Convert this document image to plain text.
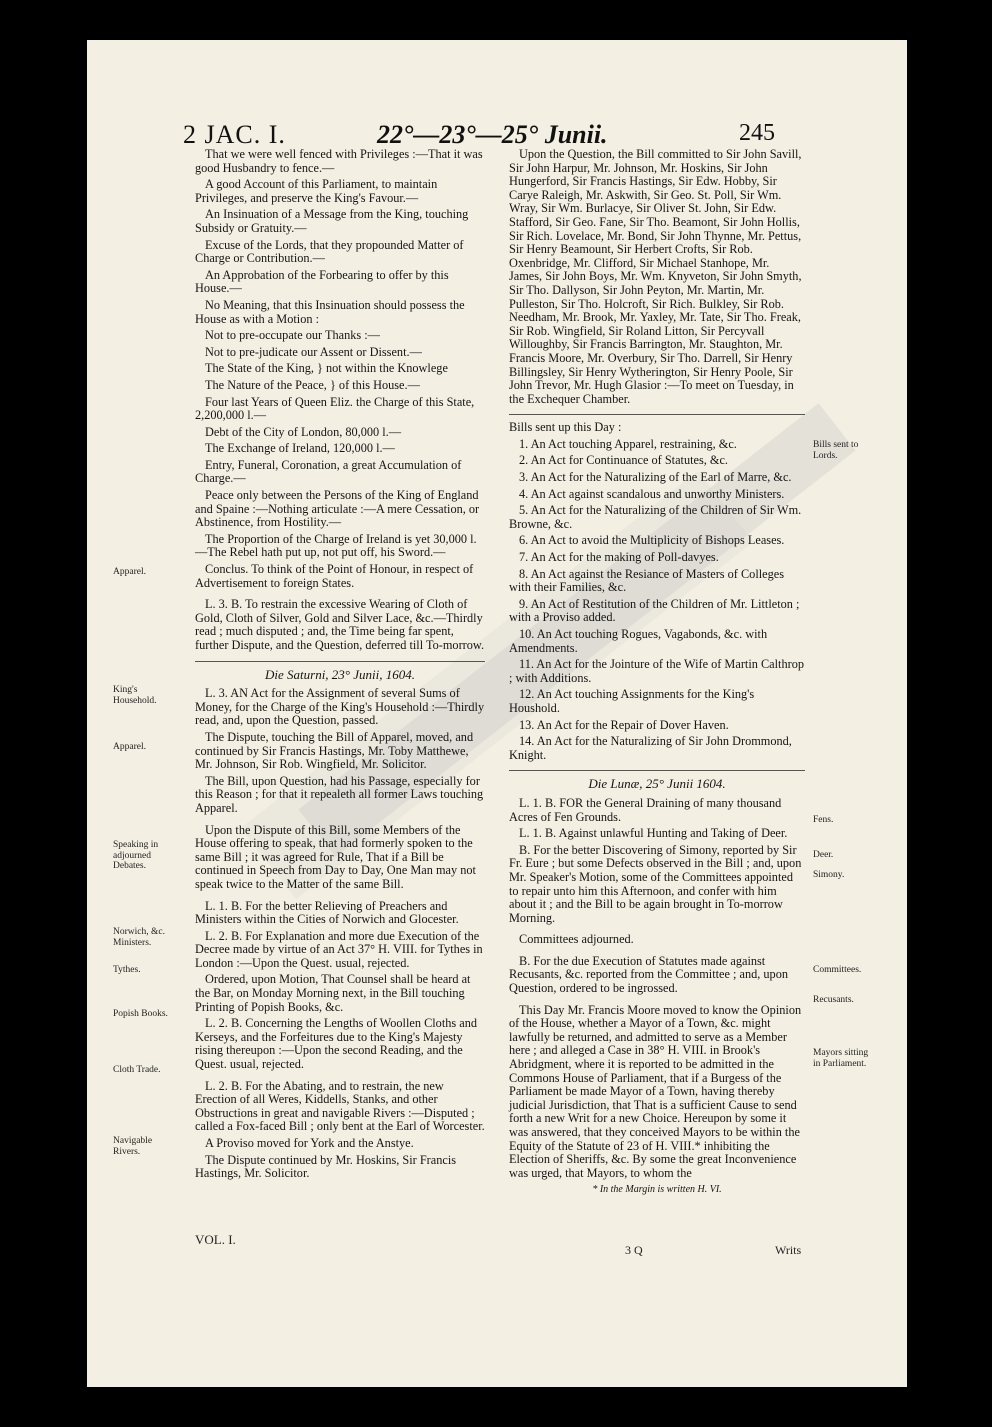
2 JAC. I.	22°—23°—25° Junii.	245

That we were well fenced with Privileges :—That it was good Husbandry to fence.—

A good Account of this Parliament, to maintain Privileges, and preserve the King's Favour.—

An Insinuation of a Message from the King, touching Subsidy or Gratuity.—

Excuse of the Lords, that they propounded Matter of Charge or Contribution.—

An Approbation of the Forbearing to offer by this House.—

No Meaning, that this Insinuation should possess the House as with a Motion :

Not to pre-occupate our Thanks :—

Not to pre-judicate our Assent or Dissent.—

The State of the King, } not within the Knowlege

The Nature of the Peace, } of this House.—

Four last Years of Queen Eliz. the Charge of this State, 2,200,000 l.—

Debt of the City of London, 80,000 l.—

The Exchange of Ireland, 120,000 l.—

Entry, Funeral, Coronation, a great Accumulation of Charge.—

Peace only between the Persons of the King of England and Spaine :—Nothing articulate :—A mere Cessation, or Abstinence, from Hostility.—

The Proportion of the Charge of Ireland is yet 30,000 l. —The Rebel hath put up, not put off, his Sword.—

Conclus. To think of the Point of Honour, in respect of Advertisement to foreign States.

L. 3. B. To restrain the excessive Wearing of Cloth of Gold, Cloth of Silver, Gold and Silver Lace, &c.—Thirdly read ; much disputed ; and, the Time being far spent, further Dispute, and the Question, deferred till To-morrow.

Die Saturni, 23° Junii, 1604.

L. 3. AN Act for the Assignment of several Sums of Money, for the Charge of the King's Household :—Thirdly read, and, upon the Question, passed.

The Dispute, touching the Bill of Apparel, moved, and continued by Sir Francis Hastings, Mr. Toby Matthewe, Mr. Johnson, Sir Rob. Wingfield, Mr. Solicitor.

The Bill, upon Question, had his Passage, especially for this Reason ; for that it repealeth all former Laws touching Apparel.

Upon the Dispute of this Bill, some Members of the House offering to speak, that had formerly spoken to the same Bill ; it was agreed for Rule, That if a Bill be continued in Speech from Day to Day, One Man may not speak twice to the Matter of the same Bill.

L. 1. B. For the better Relieving of Preachers and Ministers within the Cities of Norwich and Glocester.

L. 2. B. For Explanation and more due Execution of the Decree made by virtue of an Act 37° H. VIII. for Tythes in London :—Upon the Quest. usual, rejected.

Ordered, upon Motion, That Counsel shall be heard at the Bar, on Monday Morning next, in the Bill touching Printing of Popish Books, &c.

L. 2. B. Concerning the Lengths of Woollen Cloths and Kerseys, and the Forfeitures due to the King's Majesty rising thereupon :—Upon the second Reading, and the Quest. usual, rejected.

L. 2. B. For the Abating, and to restrain, the new Erection of all Weres, Kiddells, Stanks, and other Obstructions in great and navigable Rivers :—Disputed ; called a Fox-faced Bill ; only bent at the Earl of Worcester.

A Proviso moved for York and the Anstye.

The Dispute continued by Mr. Hoskins, Sir Francis Hastings, Mr. Solicitor.

Upon the Question, the Bill committed to Sir John Savill, Sir John Harpur, Mr. Johnson, Mr. Hoskins, Sir John Hungerford, Sir Francis Hastings, Sir Edw. Hobby, Sir Carye Raleigh, Mr. Askwith, Sir Geo. St. Poll, Sir Wm. Wray, Sir Wm. Burlacye, Sir Oliver St. John, Sir Edw. Stafford, Sir Geo. Fane, Sir Tho. Beamont, Sir John Hollis, Sir Rich. Lovelace, Mr. Bond, Sir John Thynne, Mr. Pettus, Sir Henry Beamount, Sir Herbert Crofts, Sir Rob. Oxenbridge, Mr. Clifford, Sir Michael Stanhope, Mr. James, Sir John Boys, Mr. Wm. Knyveton, Sir John Smyth, Sir Tho. Dallyson, Sir John Peyton, Mr. Martin, Mr. Pulleston, Sir Tho. Holcroft, Sir Rich. Bulkley, Sir Rob. Needham, Mr. Brook, Mr. Yaxley, Mr. Tate, Sir Tho. Freak, Sir Rob. Wingfield, Sir Roland Litton, Sir Percyvall Willoughby, Sir Francis Barrington, Mr. Staughton, Mr. Francis Moore, Mr. Overbury, Sir Tho. Darrell, Sir Henry Billingsley, Sir Henry Wytherington, Sir Henry Poole, Sir John Trevor, Mr. Hugh Glasior :—To meet on Tuesday, in the Exchequer Chamber.

Bills sent up this Day :

1. An Act touching Apparel, restraining, &c.

2. An Act for Continuance of Statutes, &c.

3. An Act for the Naturalizing of the Earl of Marre, &c.

4. An Act against scandalous and unworthy Ministers.

5. An Act for the Naturalizing of the Children of Sir Wm. Browne, &c.

6. An Act to avoid the Multiplicity of Bishops Leases.

7. An Act for the making of Poll-davyes.

8. An Act against the Resiance of Masters of Colleges with their Families, &c.

9. An Act of Restitution of the Children of Mr. Littleton ; with a Proviso added.

10. An Act touching Rogues, Vagabonds, &c. with Amendments.

11. An Act for the Jointure of the Wife of Martin Calthrop ; with Additions.

12. An Act touching Assignments for the King's Houshold.

13. An Act for the Repair of Dover Haven.

14. An Act for the Naturalizing of Sir John Drommond, Knight.

Die Lunæ, 25° Junii 1604.

L. 1. B. FOR the General Draining of many thousand Acres of Fen Grounds.

L. 1. B. Against unlawful Hunting and Taking of Deer.

B. For the better Discovering of Simony, reported by Sir Fr. Eure ; but some Defects observed in the Bill ; and, upon Mr. Speaker's Motion, some of the Committees appointed to repair unto him this Afternoon, and confer with him about it ; and the Bill to be again brought in To-morrow Morning.

Committees adjourned.

B. For the due Execution of Statutes made against Recusants, &c. reported from the Committee ; and, upon Question, ordered to be ingrossed.

This Day Mr. Francis Moore moved to know the Opinion of the House, whether a Mayor of a Town, &c. might lawfully be returned, and admitted to serve as a Member here ; and alleged a Case in 38° H. VIII. in Brook's Abridgment, where it is reported to be admitted in the Commons House of Parliament, that if a Burgess of the Parliament be made Mayor of a Town, having thereby judicial Jurisdiction, that That is a sufficient Cause to send forth a new Writ for a new Choice. Hereupon by some it was answered, that they conceived Mayors to be within the Equity of the Statute of 23 of H. VIII.* inhibiting the Election of Sheriffs, &c. By some the great Inconvenience was urged, that Mayors, to whom the

* In the Margin is written H. VI.

Apparel.
King's Household.
Apparel.
Speaking in adjourned Debates.
Norwich, &c. Ministers.
Tythes.
Popish Books.
Cloth Trade.
Navigable Rivers.
Bills sent to Lords.
Fens.
Deer.
Simony.
Committees.
Recusants.
Mayors sitting in Parliament.
VOL. I.
3 Q	Writs
